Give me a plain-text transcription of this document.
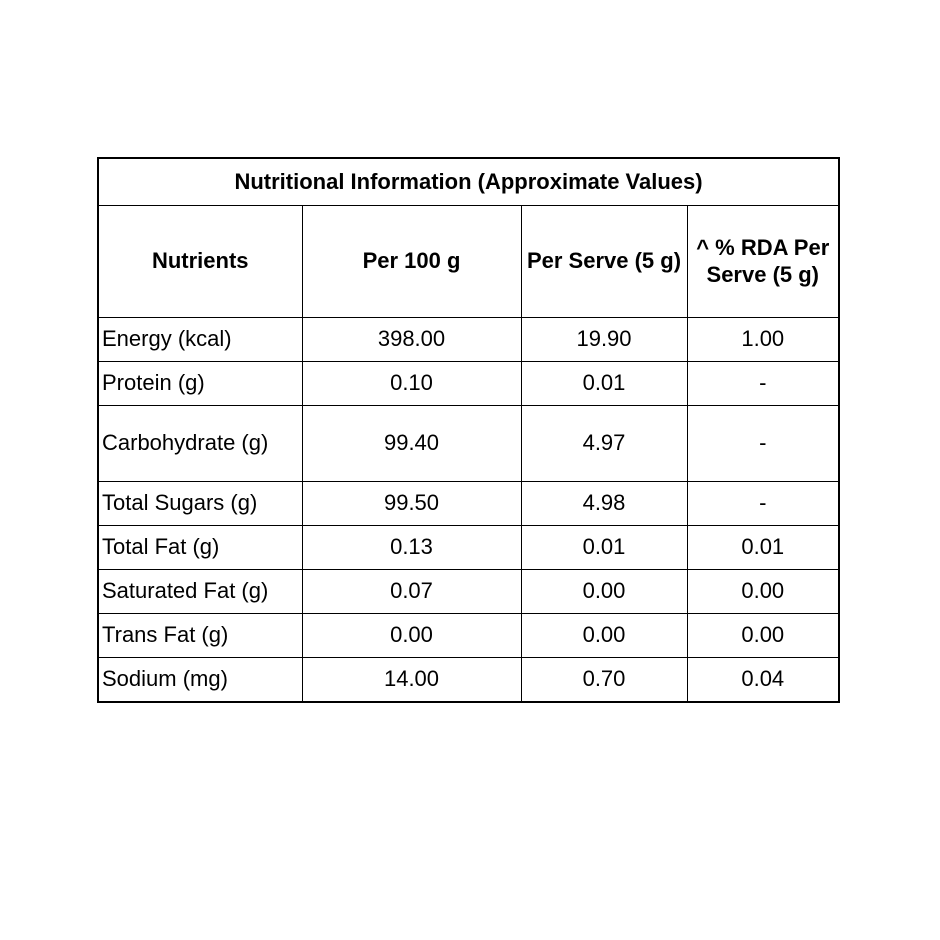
Nutritional Information (Approximate Values)			
Nutrients	Per 100 g	Per Serve (5 g)	^ % RDA Per Serve (5 g)
Energy (kcal)	398.00	19.90	1.00
Protein (g)	0.10	0.01	-
Carbohydrate (g)	99.40	4.97	-
Total Sugars (g)	99.50	4.98	-
Total Fat (g)	0.13	0.01	0.01
Saturated Fat (g)	0.07	0.00	0.00
Trans Fat (g)	0.00	0.00	0.00
Sodium (mg)	14.00	0.70	0.04
